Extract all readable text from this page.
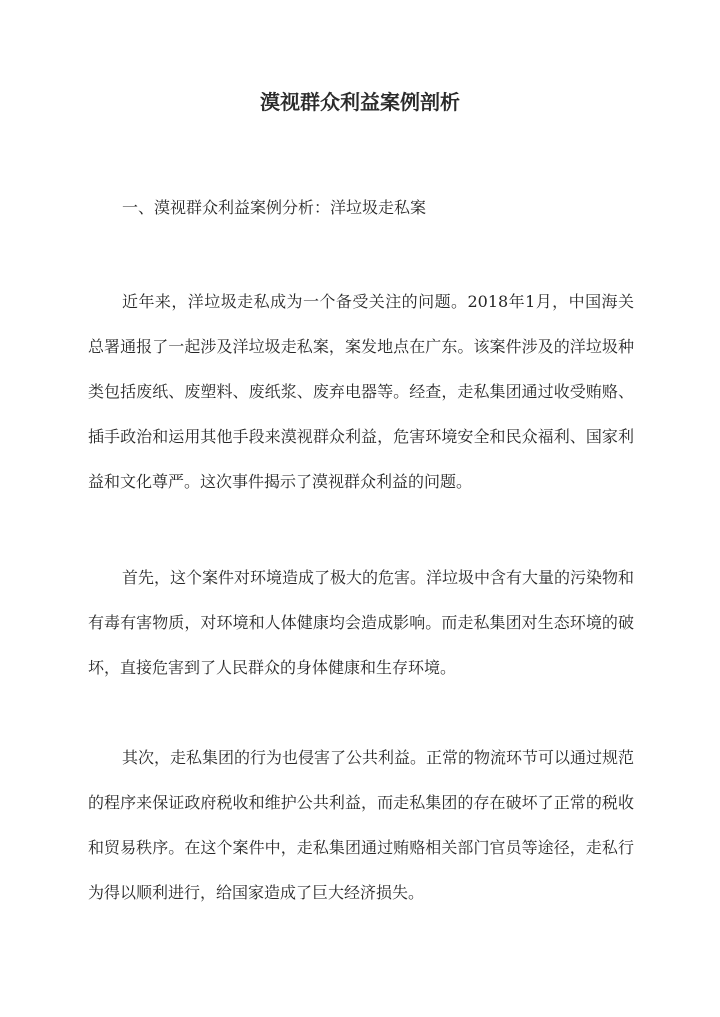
漠视群众利益案例剖析

一、漠视群众利益案例分析：洋垃圾走私案

近年来，洋垃圾走私成为一个备受关注的问题。2018年1月，中国海关总署通报了一起涉及洋垃圾走私案，案发地点在广东。该案件涉及的洋垃圾种类包括废纸、废塑料、废纸浆、废弃电器等。经查，走私集团通过收受贿赂、插手政治和运用其他手段来漠视群众利益，危害环境安全和民众福利、国家利益和文化尊严。这次事件揭示了漠视群众利益的问题。

首先，这个案件对环境造成了极大的危害。洋垃圾中含有大量的污染物和有毒有害物质，对环境和人体健康均会造成影响。而走私集团对生态环境的破坏，直接危害到了人民群众的身体健康和生存环境。

其次，走私集团的行为也侵害了公共利益。正常的物流环节可以通过规范的程序来保证政府税收和维护公共利益，而走私集团的存在破坏了正常的税收和贸易秩序。在这个案件中，走私集团通过贿赂相关部门官员等途径，走私行为得以顺利进行，给国家造成了巨大经济损失。
